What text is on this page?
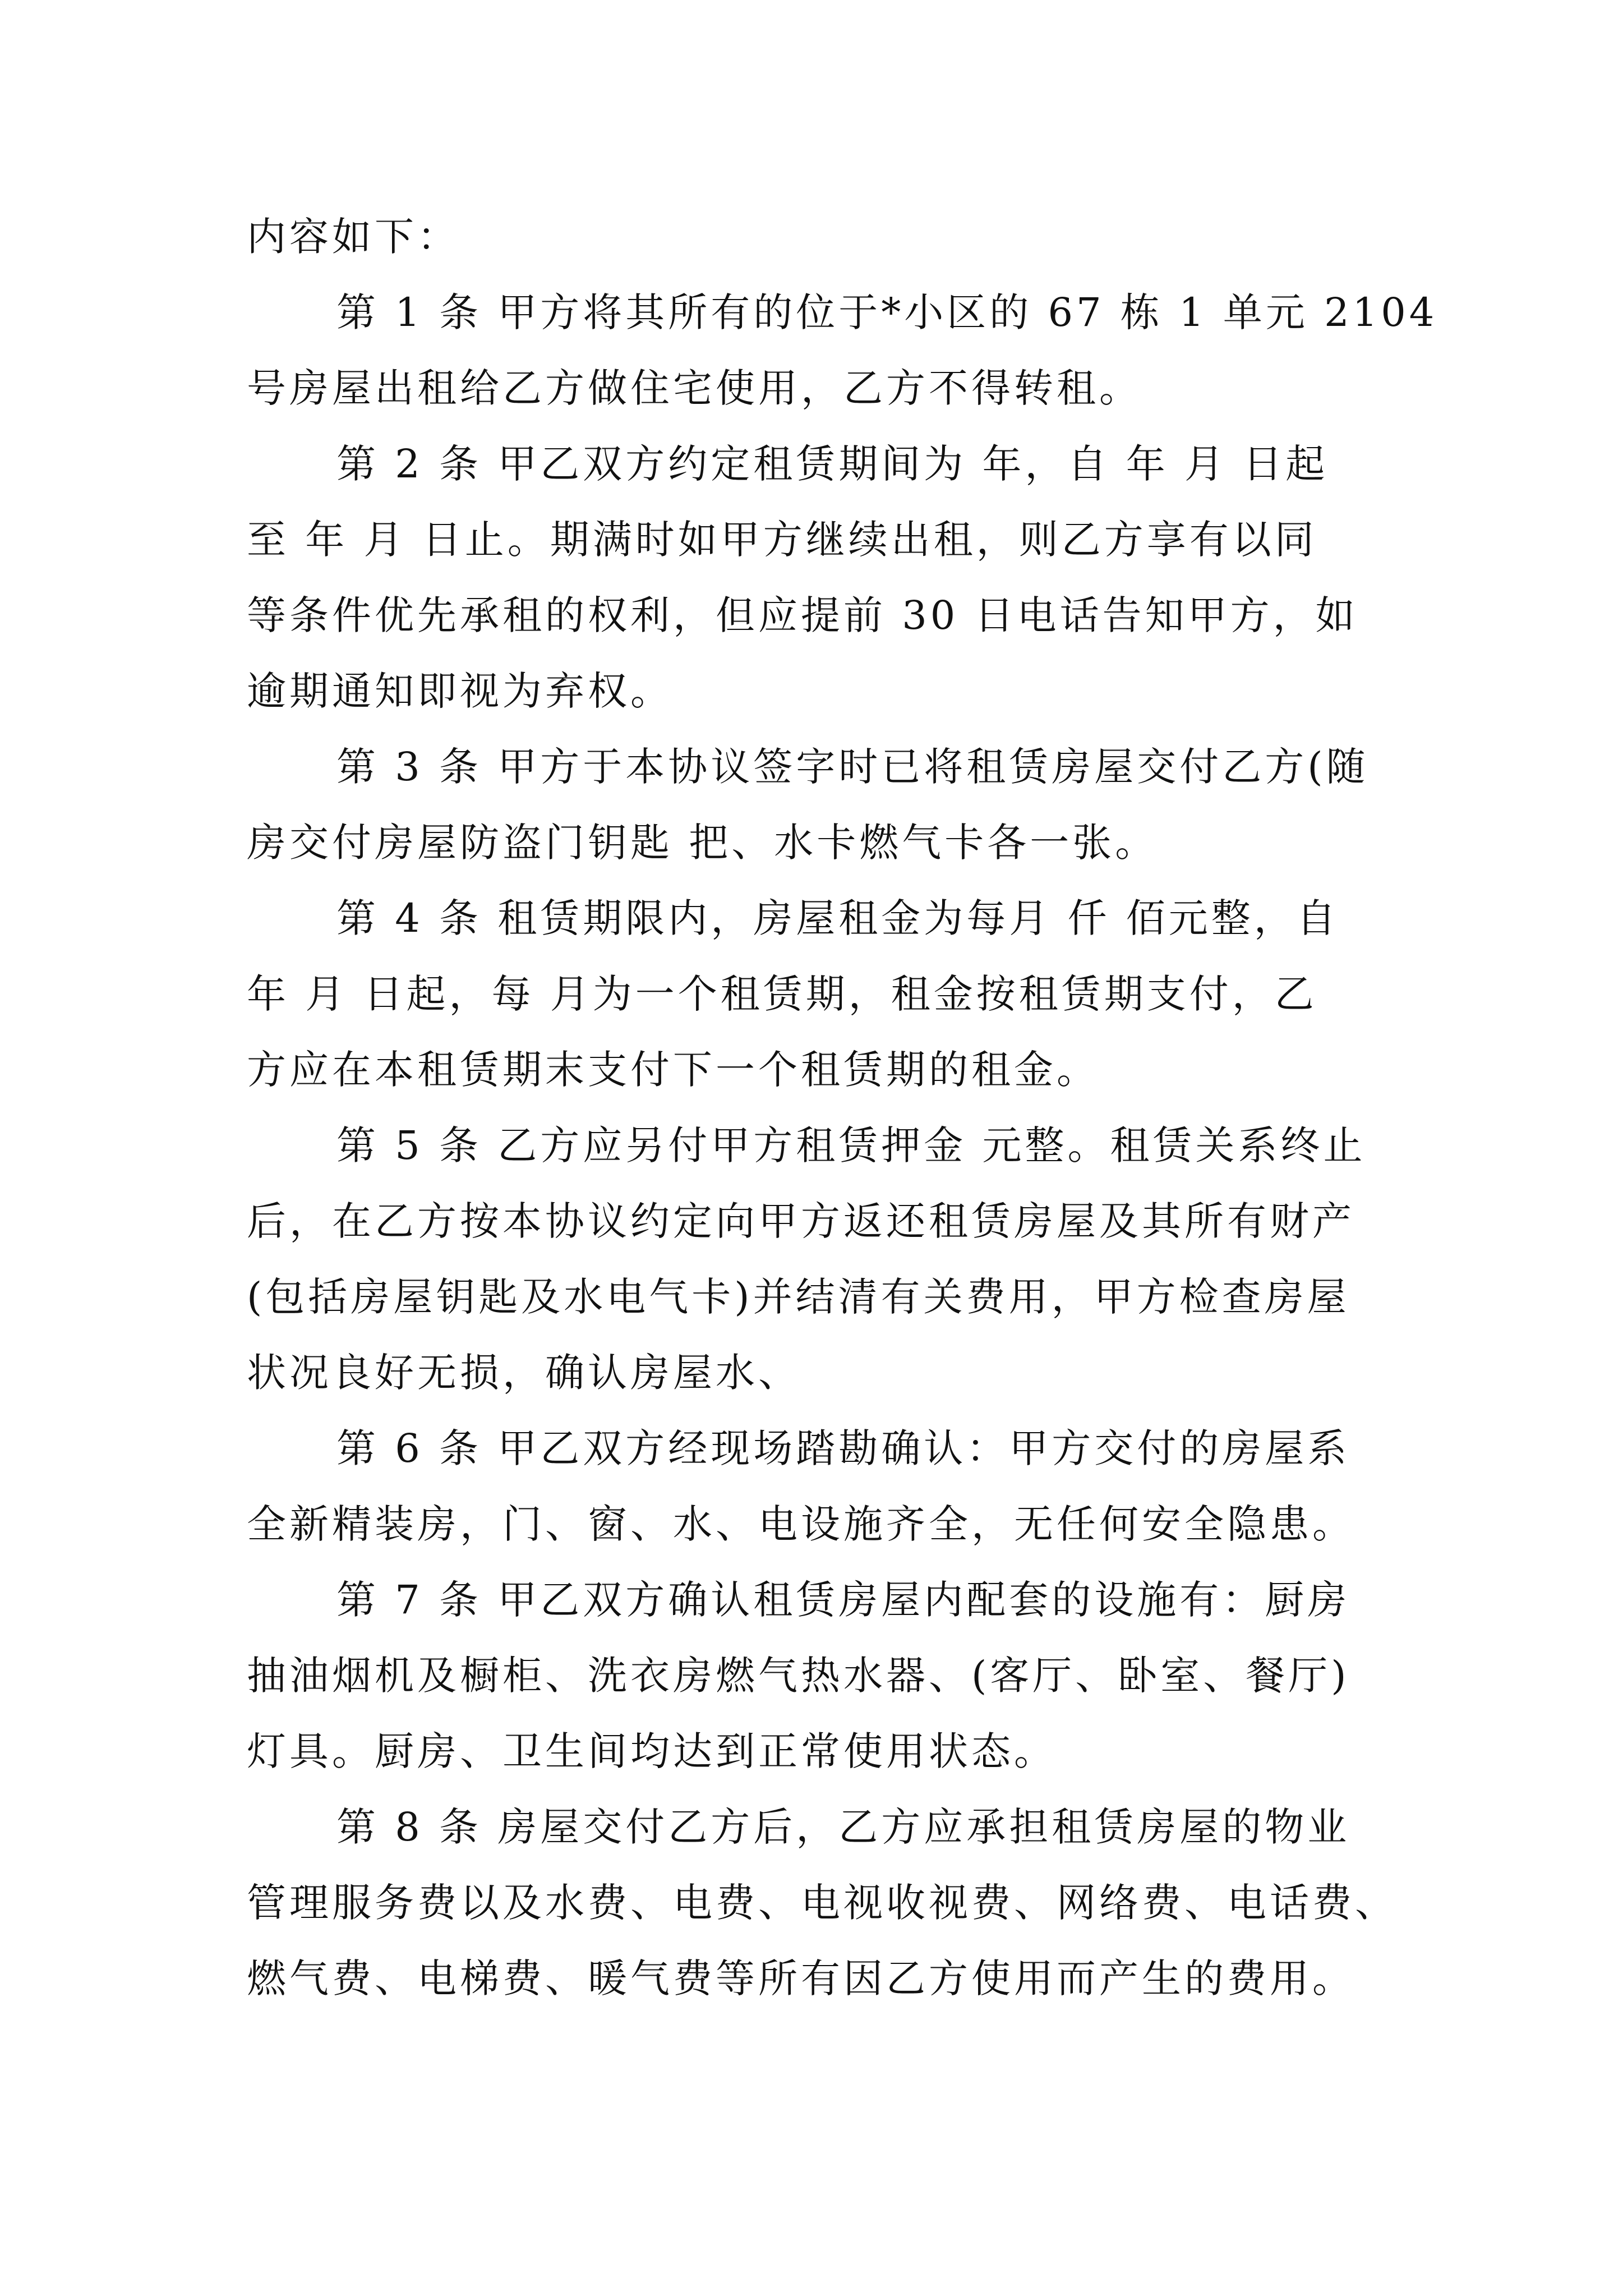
内容如下：
第 1 条 甲方将其所有的位于*小区的 67 栋 1 单元 2104
号房屋出租给乙方做住宅使用，乙方不得转租。
第 2 条 甲乙双方约定租赁期间为 年，自 年 月 日起
至 年 月 日止。期满时如甲方继续出租，则乙方享有以同
等条件优先承租的权利，但应提前 30 日电话告知甲方，如
逾期通知即视为弃权。
第 3 条 甲方于本协议签字时已将租赁房屋交付乙方(随
房交付房屋防盗门钥匙 把、水卡燃气卡各一张。
第 4 条 租赁期限内，房屋租金为每月 仟 佰元整，自
年 月 日起，每 月为一个租赁期，租金按租赁期支付，乙
方应在本租赁期末支付下一个租赁期的租金。
第 5 条 乙方应另付甲方租赁押金 元整。租赁关系终止
后，在乙方按本协议约定向甲方返还租赁房屋及其所有财产
(包括房屋钥匙及水电气卡)并结清有关费用，甲方检查房屋
状况良好无损，确认房屋水、
第 6 条 甲乙双方经现场踏勘确认：甲方交付的房屋系
全新精装房，门、窗、水、电设施齐全，无任何安全隐患。
第 7 条 甲乙双方确认租赁房屋内配套的设施有：厨房
抽油烟机及橱柜、洗衣房燃气热水器、(客厅、卧室、餐厅)
灯具。厨房、卫生间均达到正常使用状态。
第 8 条 房屋交付乙方后，乙方应承担租赁房屋的物业
管理服务费以及水费、电费、电视收视费、网络费、电话费、
燃气费、电梯费、暖气费等所有因乙方使用而产生的费用。
